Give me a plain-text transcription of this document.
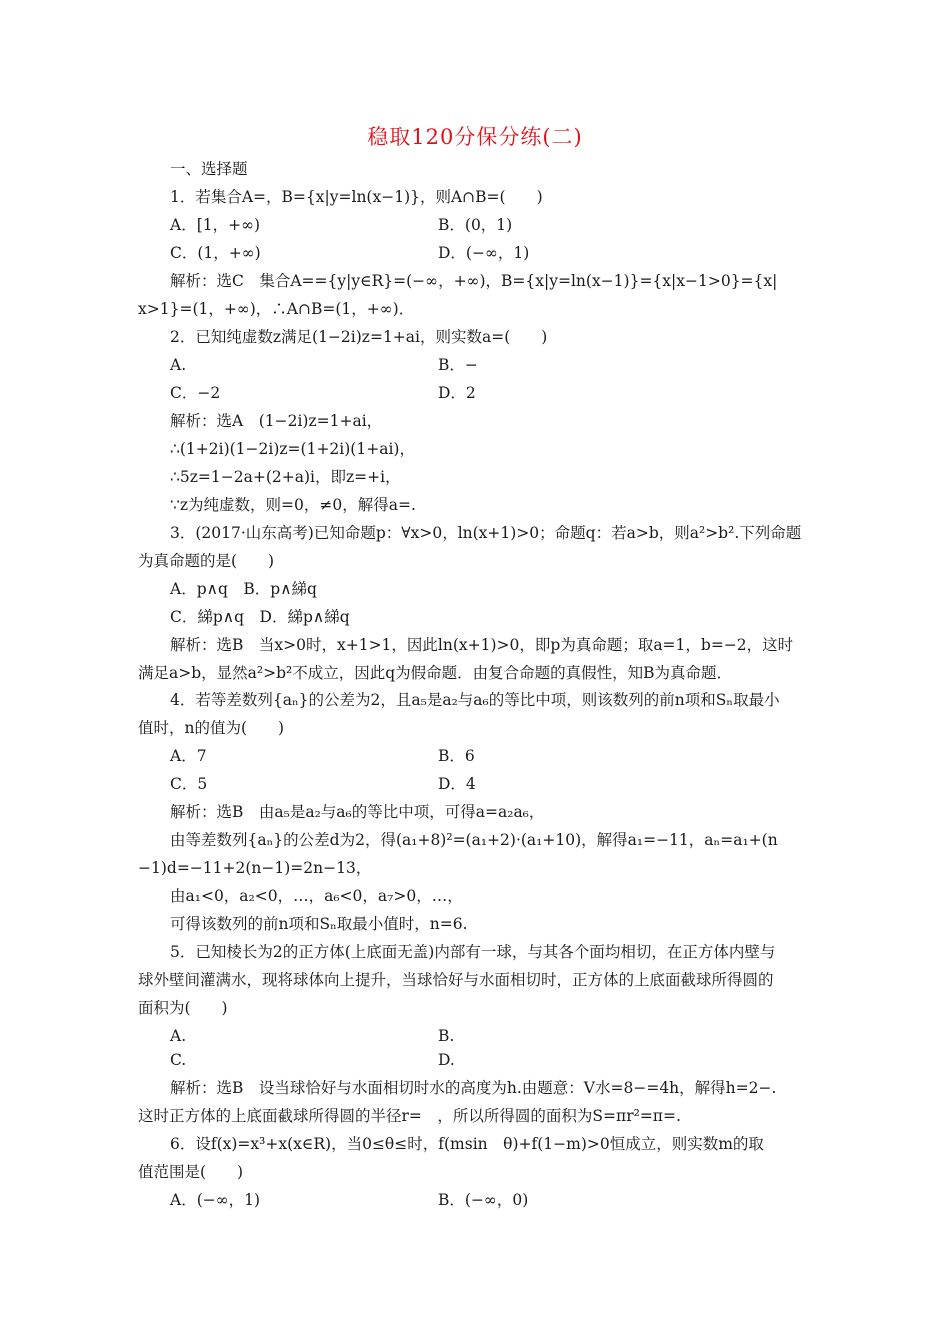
稳取120分保分练(二)
一、选择题
1．若集合A=，B={x|y=ln(x−1)}，则A∩B=(　　)
A．[1，+∞)	B．(0，1)
C．(1，+∞)	D．(−∞，1)
解析：选C　集合A=={y|y∈R}=(−∞，+∞)，B={x|y=ln(x−1)}={x|x−1>0}={x|
x>1}=(1，+∞)，∴A∩B=(1，+∞)．
2．已知纯虚数z满足(1−2i)z=1+ai，则实数a=(　　)
A.	B．−
C．−2	D．2
解析：选A　(1−2i)z=1+ai，
∴(1+2i)(1−2i)z=(1+2i)(1+ai)，
∴5z=1−2a+(2+a)i，即z=+i，
∵z为纯虚数，则=0，≠0，解得a=.
3．(2017·山东高考)已知命题p：∀x>0，ln(x+1)>0；命题q：若a>b，则a²>b².下列命题
为真命题的是(　　)
A．p∧q　B．p∧綈q
C．綈p∧q　D．綈p∧綈q
解析：选B　当x>0时，x+1>1，因此ln(x+1)>0，即p为真命题；取a=1，b=−2，这时
满足a>b，显然a²>b²不成立，因此q为假命题．由复合命题的真假性，知B为真命题．
4．若等差数列{aₙ}的公差为2，且a₅是a₂与a₆的等比中项，则该数列的前n项和Sₙ取最小
值时，n的值为(　　)
A．7	B．6
C．5	D．4
解析：选B　由a₅是a₂与a₆的等比中项，可得a=a₂a₆，
由等差数列{aₙ}的公差d为2，得(a₁+8)²=(a₁+2)·(a₁+10)，解得a₁=−11，aₙ=a₁+(n
−1)d=−11+2(n−1)=2n−13，
由a₁<0，a₂<0，…，a₆<0，a₇>0，…，
可得该数列的前n项和Sₙ取最小值时，n=6.
5．已知棱长为2的正方体(上底面无盖)内部有一球，与其各个面均相切，在正方体内壁与
球外壁间灌满水，现将球体向上提升，当球恰好与水面相切时，正方体的上底面截球所得圆的
面积为(　　)
A.	B.
C.	D.
解析：选B　设当球恰好与水面相切时水的高度为h.由题意：V水=8−=4h，解得h=2−.
这时正方体的上底面截球所得圆的半径r=　，所以所得圆的面积为S=πr²=π=.
6．设f(x)=x³+x(x∈R)，当0≤θ≤时，f(msin　θ)+f(1−m)>0恒成立，则实数m的取
值范围是(　　)
A．(−∞，1)	B．(−∞，0)
